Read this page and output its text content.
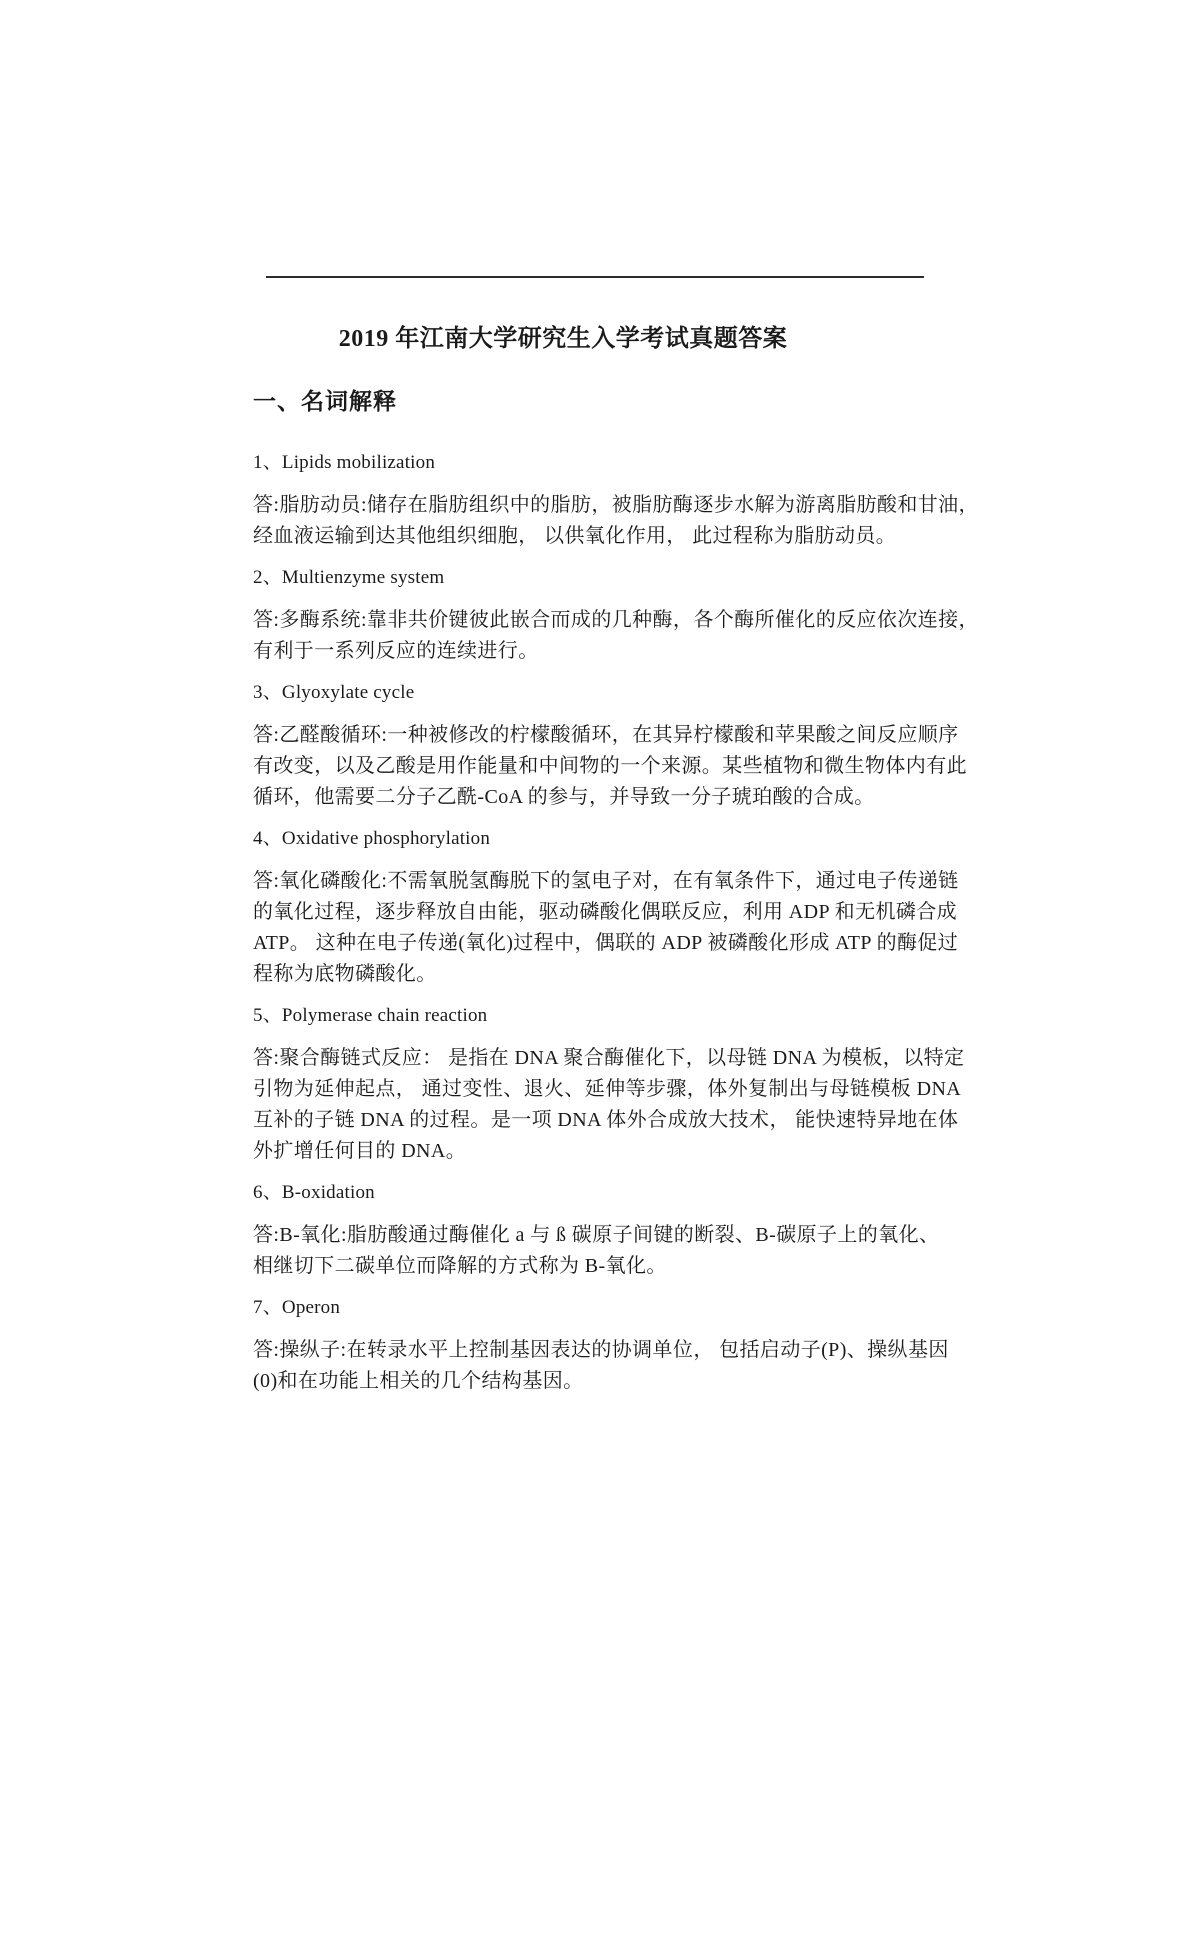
2019 年江南大学研究生入学考试真题答案
一、名词解释

1、Lipids mobilization

答:脂肪动员:储存在脂肪组织中的脂肪，被脂肪酶逐步水解为游离脂肪酸和甘油，

经血液运输到达其他组织细胞， 以供氧化作用， 此过程称为脂肪动员。

2、Multienzyme system

答:多酶系统:靠非共价键彼此嵌合而成的几种酶，各个酶所催化的反应依次连接，

有利于一系列反应的连续进行。

3、Glyoxylate cycle

答:乙醛酸循环:一种被修改的柠檬酸循环，在其异柠檬酸和苹果酸之间反应顺序

有改变，以及乙酸是用作能量和中间物的一个来源。某些植物和微生物体内有此

循环，他需要二分子乙酰-CoA 的参与，并导致一分子琥珀酸的合成。

4、Oxidative phosphorylation

答:氧化磷酸化:不需氧脱氢酶脱下的氢电子对，在有氧条件下，通过电子传递链

的氧化过程，逐步释放自由能，驱动磷酸化偶联反应，利用 ADP 和无机磷合成

ATP。 这种在电子传递(氧化)过程中，偶联的 ADP 被磷酸化形成 ATP 的酶促过

程称为底物磷酸化。

5、Polymerase chain reaction

答:聚合酶链式反应： 是指在 DNA 聚合酶催化下，以母链 DNA 为模板，以特定

引物为延伸起点， 通过变性、退火、延伸等步骤，体外复制出与母链模板 DNA

互补的子链 DNA 的过程。是一项 DNA 体外合成放大技术， 能快速特异地在体

外扩增任何目的 DNA。

6、B-oxidation

答:B-氧化:脂肪酸通过酶催化 a 与 ß 碳原子间键的断裂、B-碳原子上的氧化、

相继切下二碳单位而降解的方式称为 B-氧化。

7、Operon

答:操纵子:在转录水平上控制基因表达的协调单位， 包括启动子(P)、操纵基因

(0)和在功能上相关的几个结构基因。
